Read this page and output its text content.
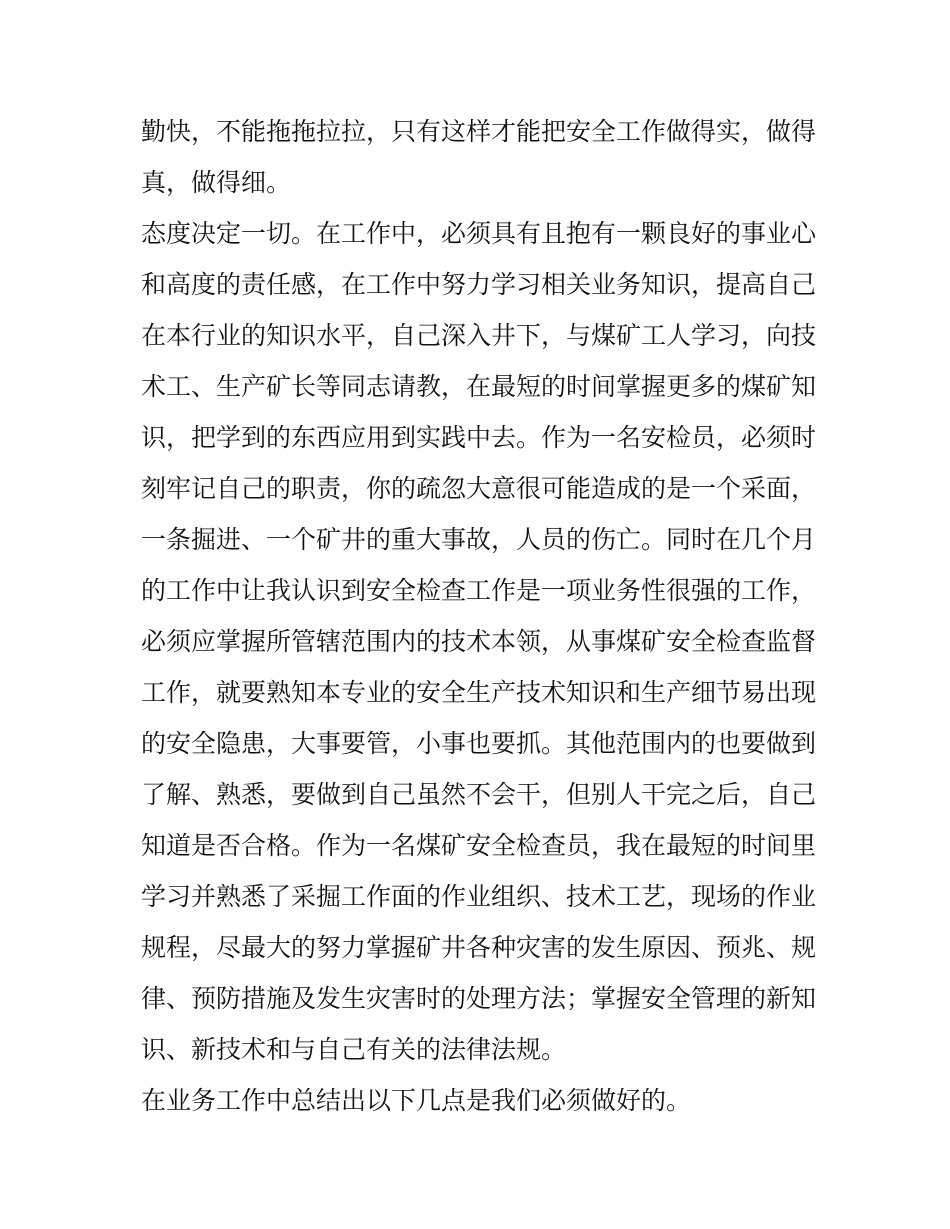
勤快，不能拖拖拉拉，只有这样才能把安全工作做得实，做得
真，做得细。
态度决定一切。在工作中，必须具有且抱有一颗良好的事业心
和高度的责任感，在工作中努力学习相关业务知识，提高自己
在本行业的知识水平，自己深入井下，与煤矿工人学习，向技
术工、生产矿长等同志请教，在最短的时间掌握更多的煤矿知
识，把学到的东西应用到实践中去。作为一名安检员，必须时
刻牢记自己的职责，你的疏忽大意很可能造成的是一个采面，
一条掘进、一个矿井的重大事故，人员的伤亡。同时在几个月
的工作中让我认识到安全检查工作是一项业务性很强的工作，
必须应掌握所管辖范围内的技术本领，从事煤矿安全检查监督
工作，就要熟知本专业的安全生产技术知识和生产细节易出现
的安全隐患，大事要管，小事也要抓。其他范围内的也要做到
了解、熟悉，要做到自己虽然不会干，但别人干完之后，自己
知道是否合格。作为一名煤矿安全检查员，我在最短的时间里
学习并熟悉了采掘工作面的作业组织、技术工艺，现场的作业
规程，尽最大的努力掌握矿井各种灾害的发生原因、预兆、规
律、预防措施及发生灾害时的处理方法；掌握安全管理的新知
识、新技术和与自己有关的法律法规。
在业务工作中总结出以下几点是我们必须做好的。
